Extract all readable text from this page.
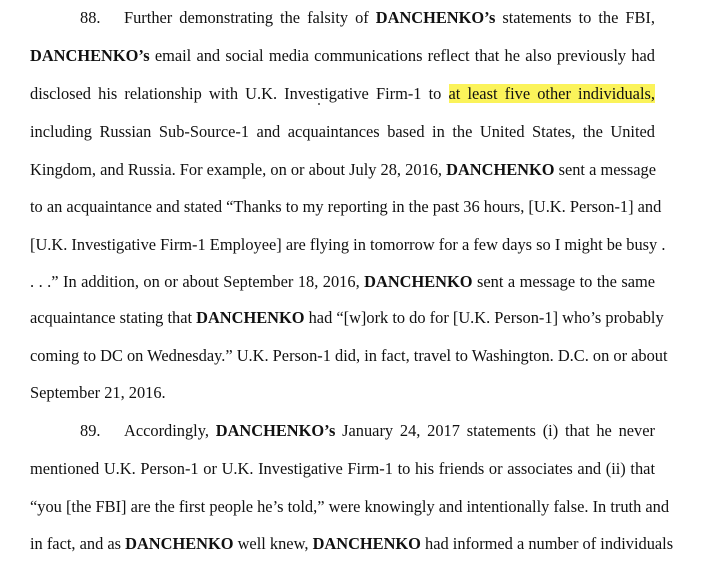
88. Further demonstrating the falsity of DANCHENKO’s statements to the FBI,
DANCHENKO’s email and social media communications reflect that he also previously had
disclosed his relationship with U.K. Investigative Firm-1 to at least five other individuals,
including Russian Sub-Source-1 and acquaintances based in the United States, the United
Kingdom, and Russia. For example, on or about July 28, 2016, DANCHENKO sent a message
to an acquaintance and stated “Thanks to my reporting in the past 36 hours, [U.K. Person-1] and
[U.K. Investigative Firm-1 Employee] are flying in tomorrow for a few days so I might be busy .
. . .” In addition, on or about September 18, 2016, DANCHENKO sent a message to the same
acquaintance stating that DANCHENKO had “[w]ork to do for [U.K. Person-1] who’s probably
coming to DC on Wednesday.” U.K. Person-1 did, in fact, travel to Washington. D.C. on or about
September 21, 2016.
89. Accordingly, DANCHENKO’s January 24, 2017 statements (i) that he never
mentioned U.K. Person-1 or U.K. Investigative Firm-1 to his friends or associates and (ii) that
“you [the FBI] are the first people he’s told,” were knowingly and intentionally false. In truth and
in fact, and as DANCHENKO well knew, DANCHENKO had informed a number of individuals
